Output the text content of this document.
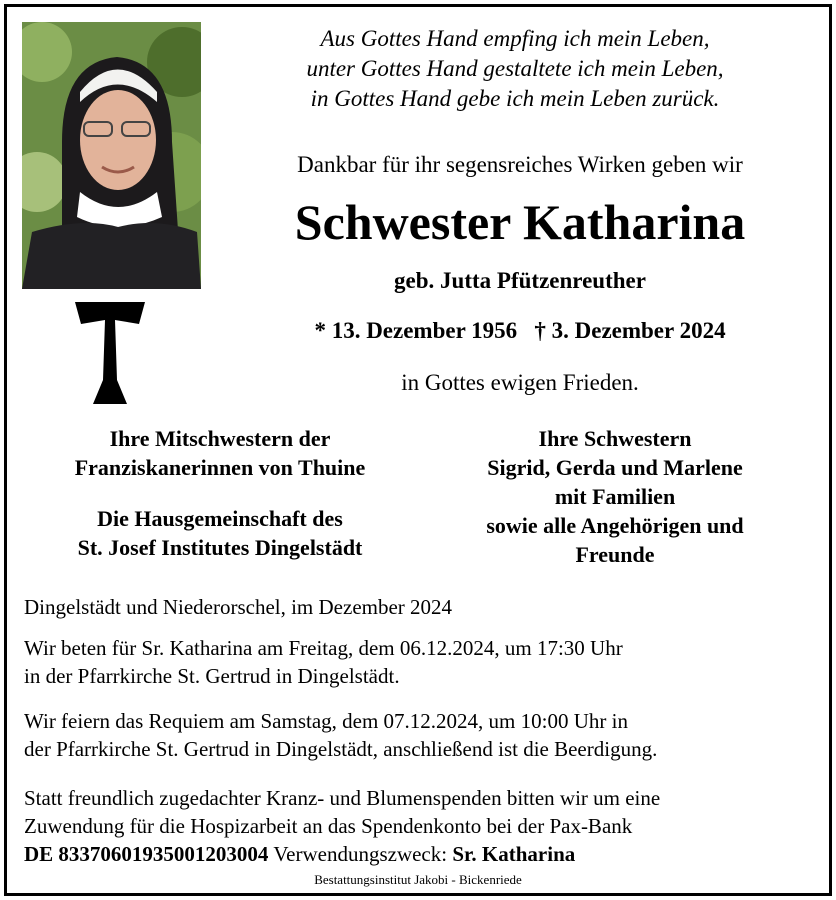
Aus Gottes Hand empfing ich mein Leben,
unter Gottes Hand gestaltete ich mein Leben,
in Gottes Hand gebe ich mein Leben zurück.
Dankbar für ihr segensreiches Wirken geben wir
Schwester Katharina
geb. Jutta Pfützenreuther
* 13. Dezember 1956   † 3. Dezember 2024
in Gottes ewigen Frieden.
Ihre Mitschwestern der
Franziskanerinnen von Thuine
Die Hausgemeinschaft des
St. Josef Institutes Dingelstädt
Ihre Schwestern
Sigrid, Gerda und Marlene
mit Familien
sowie alle Angehörigen und
Freunde
Dingelstädt und Niederorschel, im Dezember 2024
Wir beten für Sr. Katharina am Freitag, dem 06.12.2024, um 17:30 Uhr
in der Pfarrkirche St. Gertrud in Dingelstädt.
Wir feiern das Requiem am Samstag, dem 07.12.2024, um 10:00 Uhr in
der Pfarrkirche St. Gertrud in Dingelstädt, anschließend ist die Beerdigung.
Statt freundlich zugedachter Kranz- und Blumenspenden bitten wir um eine
Zuwendung für die Hospizarbeit an das Spendenkonto bei der Pax-Bank
DE 83370601935001203004 Verwendungszweck: Sr. Katharina
Bestattungsinstitut Jakobi - Bickenriede
